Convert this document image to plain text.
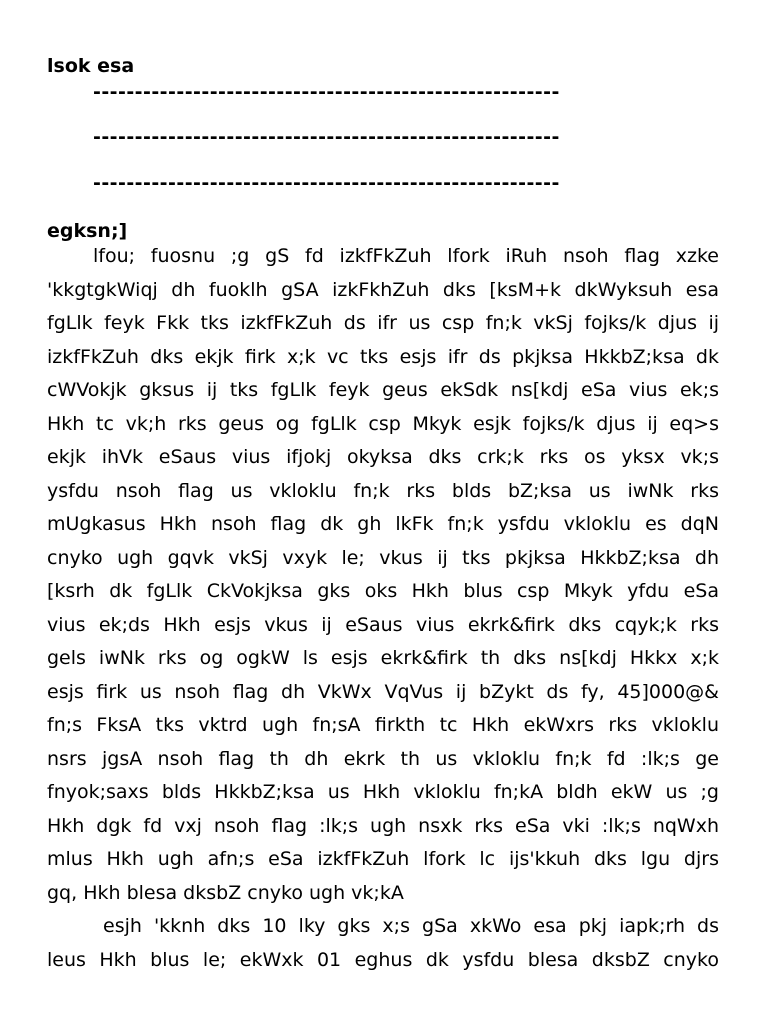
lsok esa
--------------------------------------------------------
--------------------------------------------------------
--------------------------------------------------------
egksn;]
lfou; fuosnu ;g gS fd izkfFkZuh lfork iRuh nsoh flag xzke
'kkgtgkWiqj dh fuoklh gSA izkFkhZuh dks [ksM+k dkWyksuh esa
fgLlk feyk Fkk tks izkfFkZuh ds ifr us csp fn;k vkSj fojks/k djus ij
izkfFkZuh dks ekjk firk x;k vc tks esjs ifr ds pkjksa HkkbZ;ksa dk
cWVokjk gksus ij tks fgLlk feyk geus ekSdk ns[kdj eSa vius ek;s
Hkh tc vk;h rks geus og fgLlk csp Mkyk esjk fojks/k djus ij eq>s
ekjk ihVk eSaus vius ifjokj okyksa dks crk;k rks os yksx vk;s
ysfdu nsoh flag us vkloklu fn;k rks blds bZ;ksa us iwNk rks
mUgkasus Hkh nsoh flag dk gh lkFk fn;k ysfdu vkloklu es dqN
cnyko ugh gqvk vkSj vxyk le; vkus ij tks pkjksa HkkbZ;ksa dh
[ksrh dk fgLlk CkVokjksa gks oks Hkh blus csp Mkyk yfdu eSa
vius ek;ds Hkh esjs vkus ij eSaus vius ekrk&firk dks cqyk;k rks
gels iwNk rks og ogkW ls esjs ekrk&firk th dks ns[kdj Hkkx x;k
esjs firk us nsoh flag dh VkWx VqVus ij bZykt ds fy, 45]000@&
fn;s FksA tks vktrd ugh fn;sA firkth tc Hkh ekWxrs rks vkloklu
nsrs jgsA nsoh flag th dh ekrk th us vkloklu fn;k fd :lk;s ge
fnyok;saxs blds HkkbZ;ksa us Hkh vkloklu fn;kA bldh ekW us ;g
Hkh dgk fd vxj nsoh flag :lk;s ugh nsxk rks eSa vki :lk;s nqWxh
mlus Hkh ugh afn;s eSa izkfFkZuh lfork lc ijs'kkuh dks lgu djrs
gq, Hkh blesa dksbZ cnyko ugh vk;kA
esjh 'kknh dks 10 lky gks x;s gSa xkWo esa pkj iapk;rh ds
leus Hkh blus le; ekWxk 01 eghus dk ysfdu blesa dksbZ cnyko
